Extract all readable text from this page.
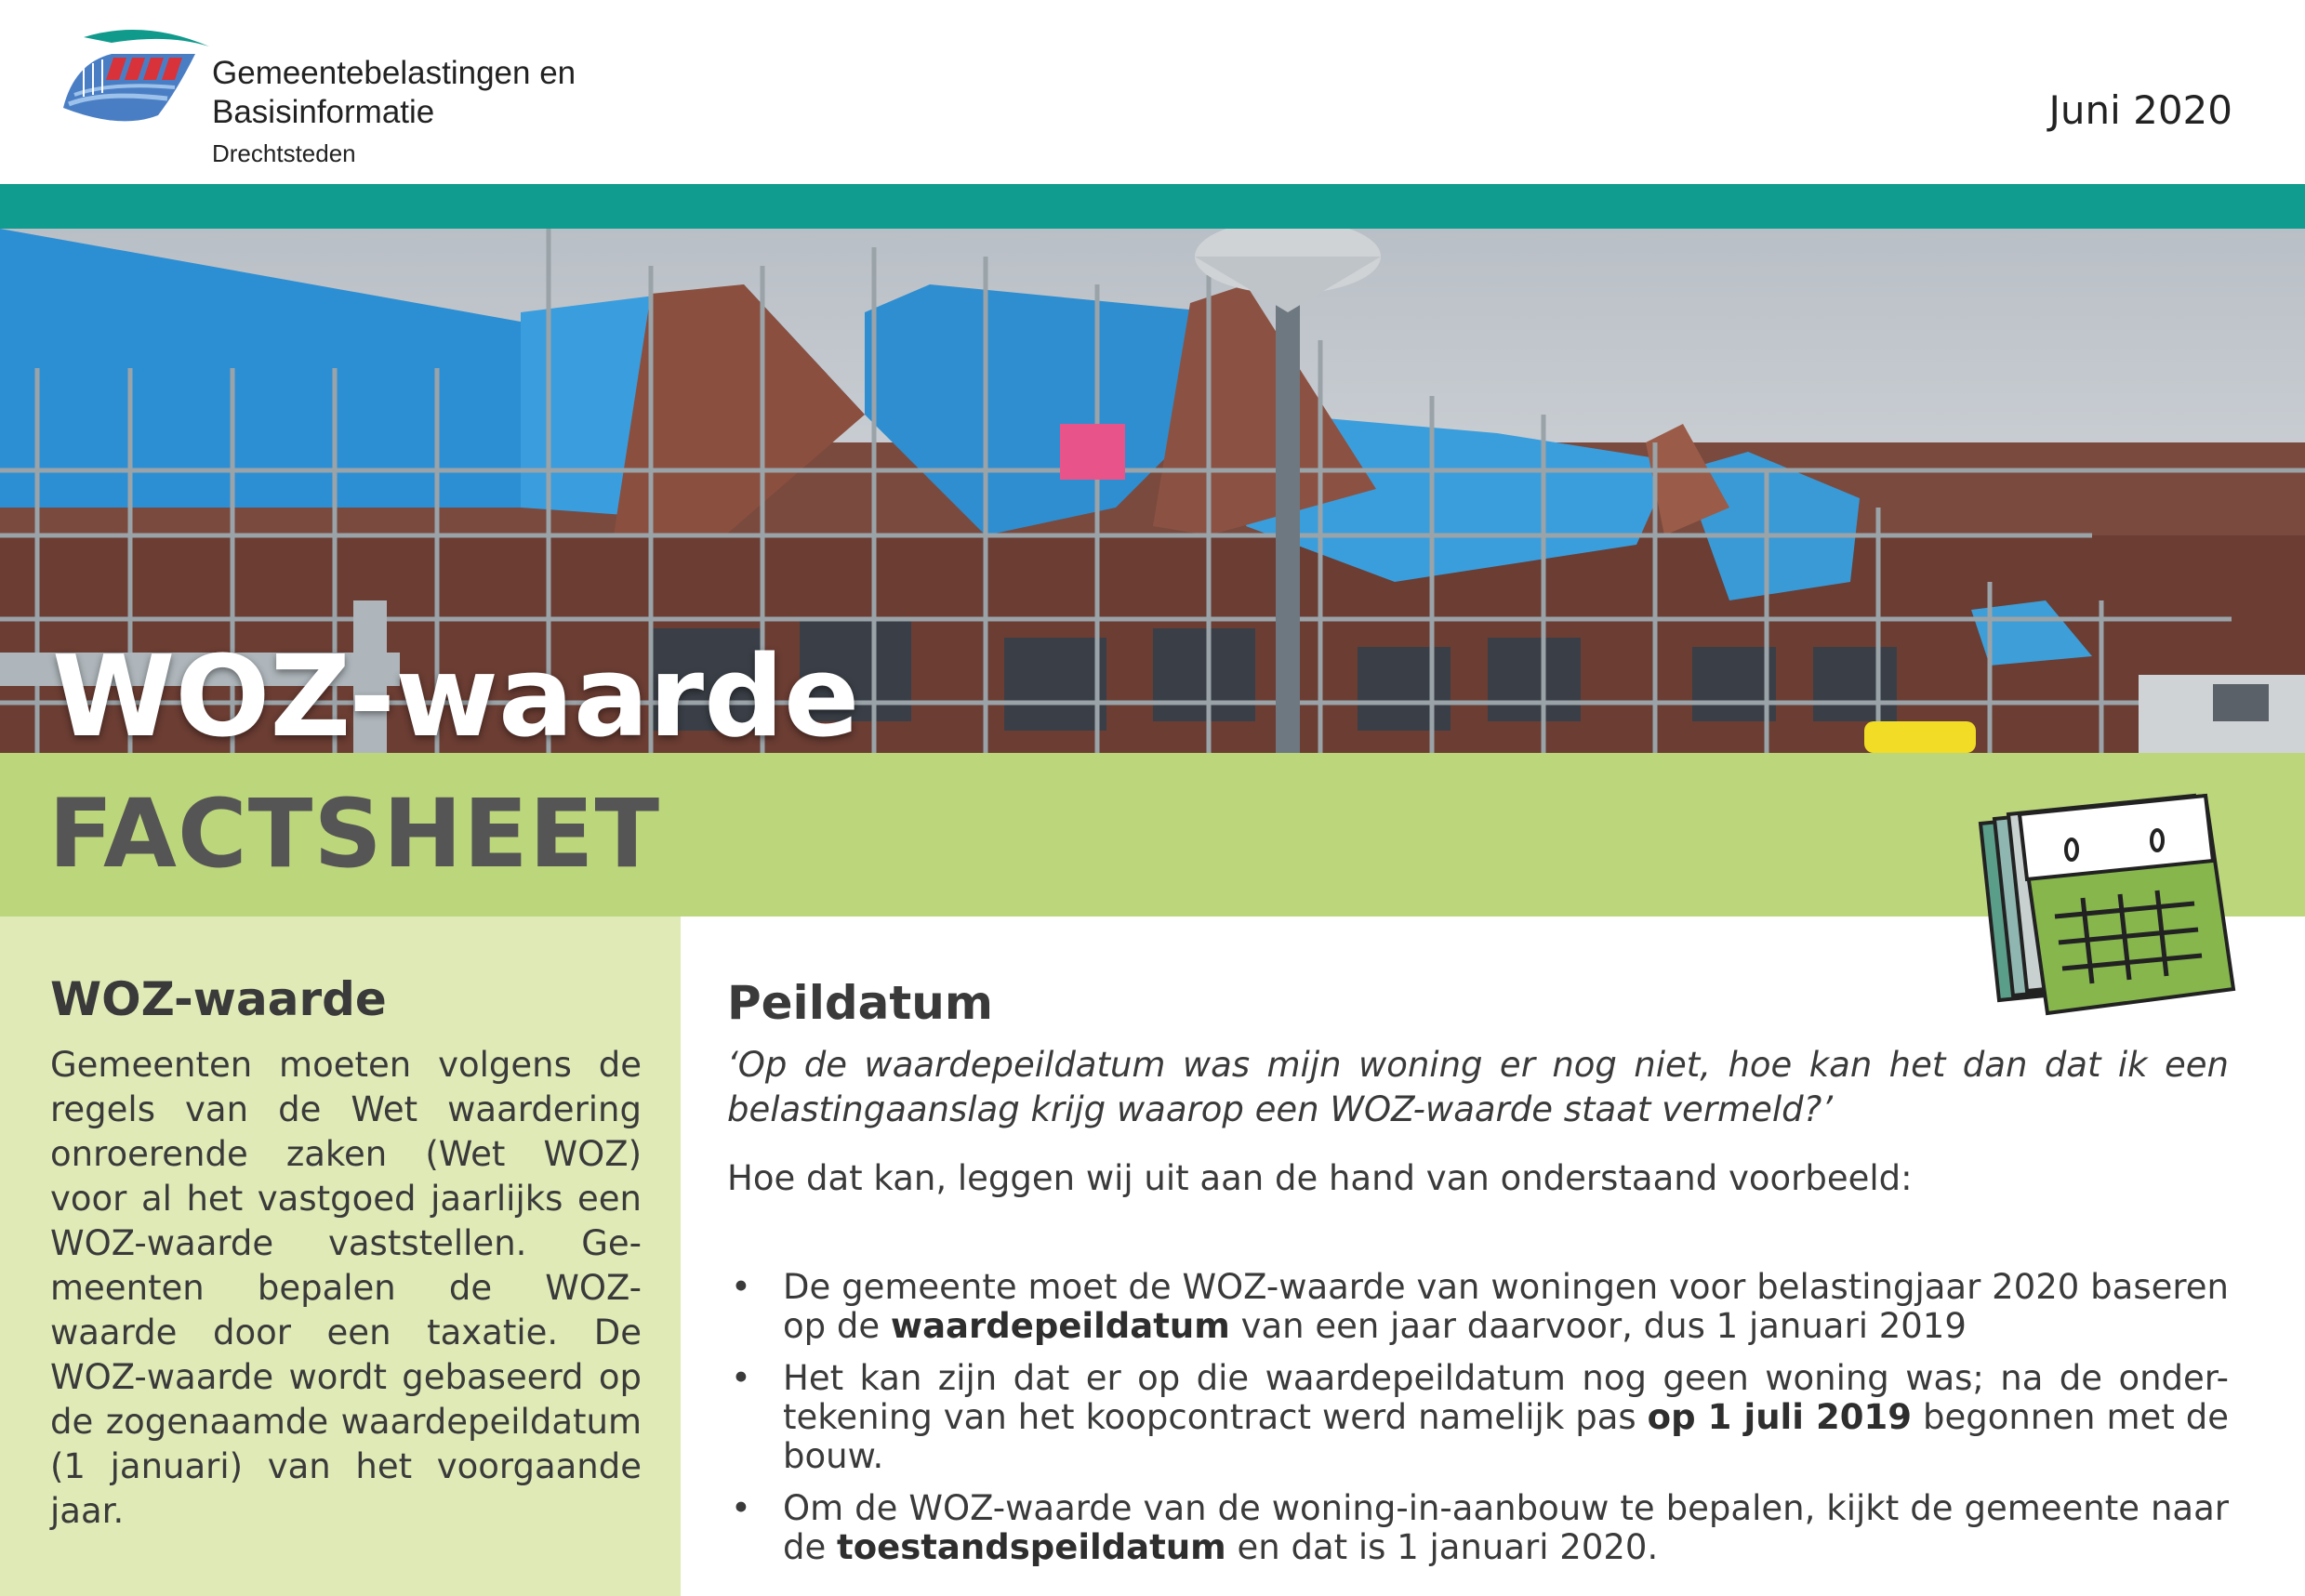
Gemeentebelastingen en
Basisinformatie
Drechtsteden
Juni 2020
WOZ-waarde
FACTSHEET
WOZ-waarde
Gemeenten moeten volgens de regels van de Wet waardering onroerende zaken (Wet WOZ) voor al het vastgoed jaarlijks een WOZ-waarde vaststellen. Ge-meenten bepalen de WOZ-waarde door een taxatie. De WOZ-waarde wordt gebaseerd op de zogenaamde waardepeildatum (1 januari) van het voorgaande jaar.
Peildatum
‘Op de waardepeildatum was mijn woning er nog niet, hoe kan het dan dat ik een belastingaanslag krijg waarop een WOZ-waarde staat vermeld?’
Hoe dat kan, leggen wij uit aan de hand van onderstaand voorbeeld:
• De gemeente moet de WOZ-waarde van woningen voor belastingjaar 2020 baseren op de waardepeildatum van een jaar daarvoor, dus 1 januari 2019
• Het kan zijn dat er op die waardepeildatum nog geen woning was; na de onder-tekening van het koopcontract werd namelijk pas op 1 juli 2019 begonnen met de bouw.
• Om de WOZ-waarde van de woning-in-aanbouw te bepalen, kijkt de gemeente naar de toestandspeildatum en dat is 1 januari 2020.
